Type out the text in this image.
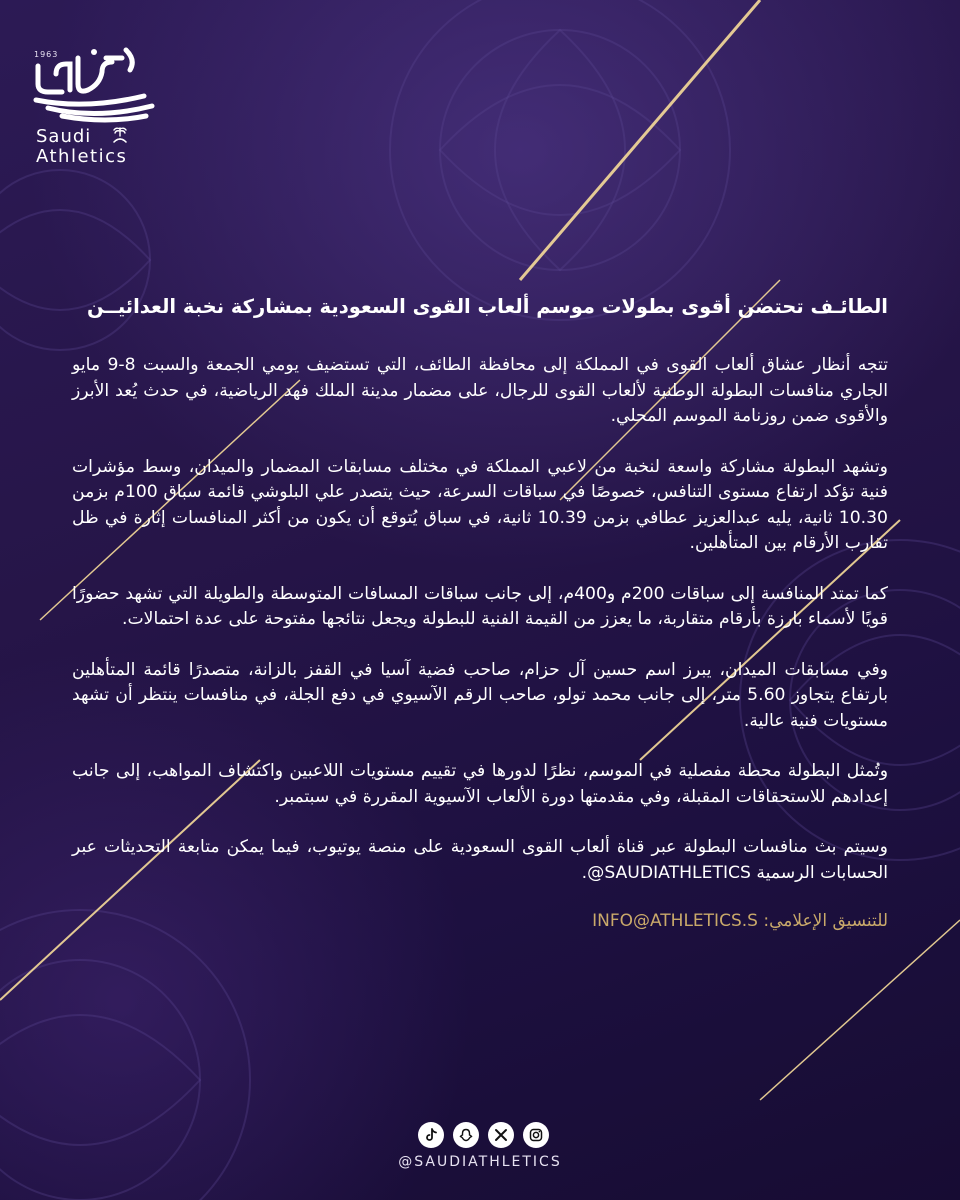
1963
Saudi
Athletics
الطائـف تحتضن أقوى بطولات موسم ألعاب القوى السعودية بمشاركة نخبة العدائيــن

تتجه أنظار عشاق ألعاب القوى في المملكة إلى محافظة الطائف، التي تستضيف يومي الجمعة والسبت 8-9 مايو الجاري منافسات البطولة الوطنية لألعاب القوى للرجال، على مضمار مدينة الملك فهد الرياضية، في حدث يُعد الأبرز والأقوى ضمن روزنامة الموسم المحلي.

وتشهد البطولة مشاركة واسعة لنخبة من لاعبي المملكة في مختلف مسابقات المضمار والميدان، وسط مؤشرات فنية تؤكد ارتفاع مستوى التنافس، خصوصًا في سباقات السرعة، حيث يتصدر علي البلوشي قائمة سباق 100م بزمن 10.30 ثانية، يليه عبدالعزيز عطافي بزمن 10.39 ثانية، في سباق يُتوقع أن يكون من أكثر المنافسات إثارة في ظل تقارب الأرقام بين المتأهلين.

كما تمتد المنافسة إلى سباقات 200م و400م، إلى جانب سباقات المسافات المتوسطة والطويلة التي تشهد حضورًا قويًا لأسماء بارزة بأرقام متقاربة، ما يعزز من القيمة الفنية للبطولة ويجعل نتائجها مفتوحة على عدة احتمالات.

وفي مسابقات الميدان، يبرز اسم حسين آل حزام، صاحب فضية آسيا في القفز بالزانة، متصدرًا قائمة المتأهلين بارتفاع يتجاوز 5.60 متر، إلى جانب محمد تولو، صاحب الرقم الآسيوي في دفع الجلة، في منافسات ينتظر أن تشهد مستويات فنية عالية.

وتُمثل البطولة محطة مفصلية في الموسم، نظرًا لدورها في تقييم مستويات اللاعبين واكتشاف المواهب، إلى جانب إعدادهم للاستحقاقات المقبلة، وفي مقدمتها دورة الألعاب الآسيوية المقررة في سبتمبر.

وسيتم بث منافسات البطولة عبر قناة ألعاب القوى السعودية على منصة يوتيوب، فيما يمكن متابعة التحديثات عبر الحسابات الرسمية SAUDIATHLETICS@.

للتنسيق الإعلامي: INFO@ATHLETICS.S
@SAUDIATHLETICS
